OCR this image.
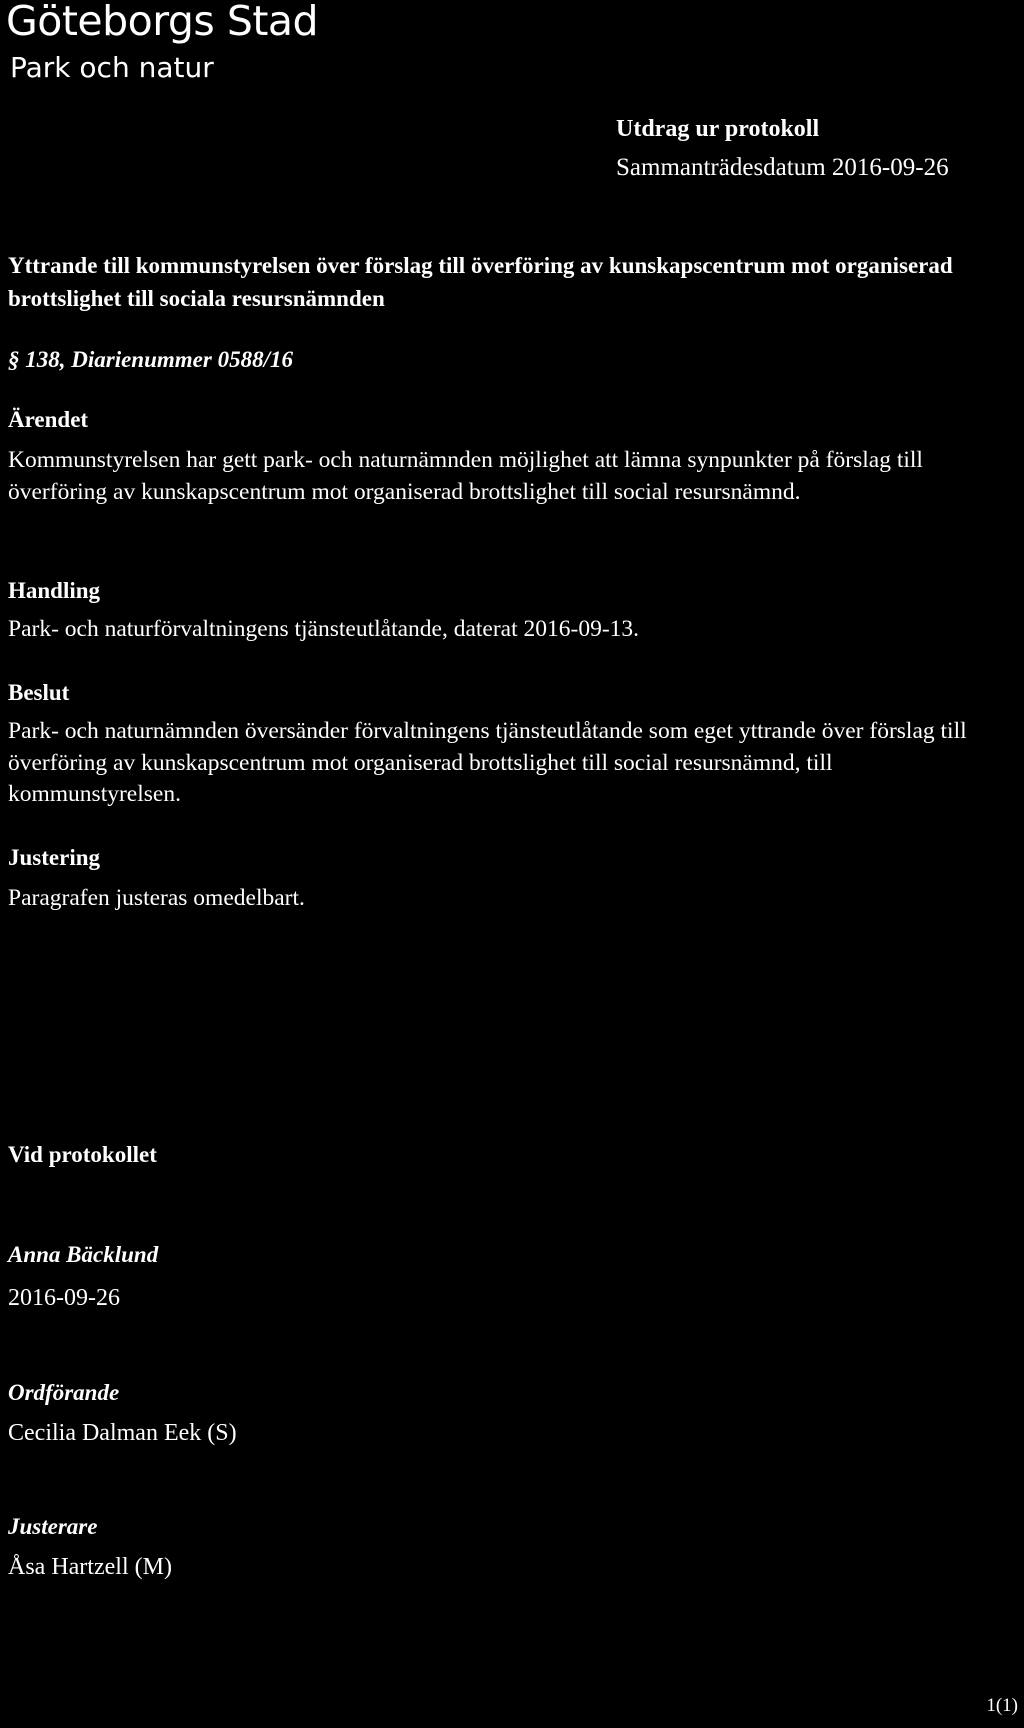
Göteborgs Stad
Park och natur
Utdrag ur protokoll
Sammanträdesdatum 2016-09-26
Yttrande till kommunstyrelsen över förslag till överföring av kunskapscentrum mot organiserad brottslighet till sociala resursnämnden
§ 138, Diarienummer 0588/16
Ärendet
Kommunstyrelsen har gett park- och naturnämnden möjlighet att lämna synpunkter på förslag till överföring av kunskapscentrum mot organiserad brottslighet till social resursnämnd.
Handling
Park- och naturförvaltningens tjänsteutlåtande, daterat 2016-09-13.
Beslut
Park- och naturnämnden översänder förvaltningens tjänsteutlåtande som eget yttrande över förslag till överföring av kunskapscentrum mot organiserad brottslighet till social resursnämnd, till kommunstyrelsen.
Justering
Paragrafen justeras omedelbart.
Vid protokollet
Anna Bäcklund
2016-09-26
Ordförande
Cecilia Dalman Eek (S)
Justerare
Åsa Hartzell (M)
1(1)
